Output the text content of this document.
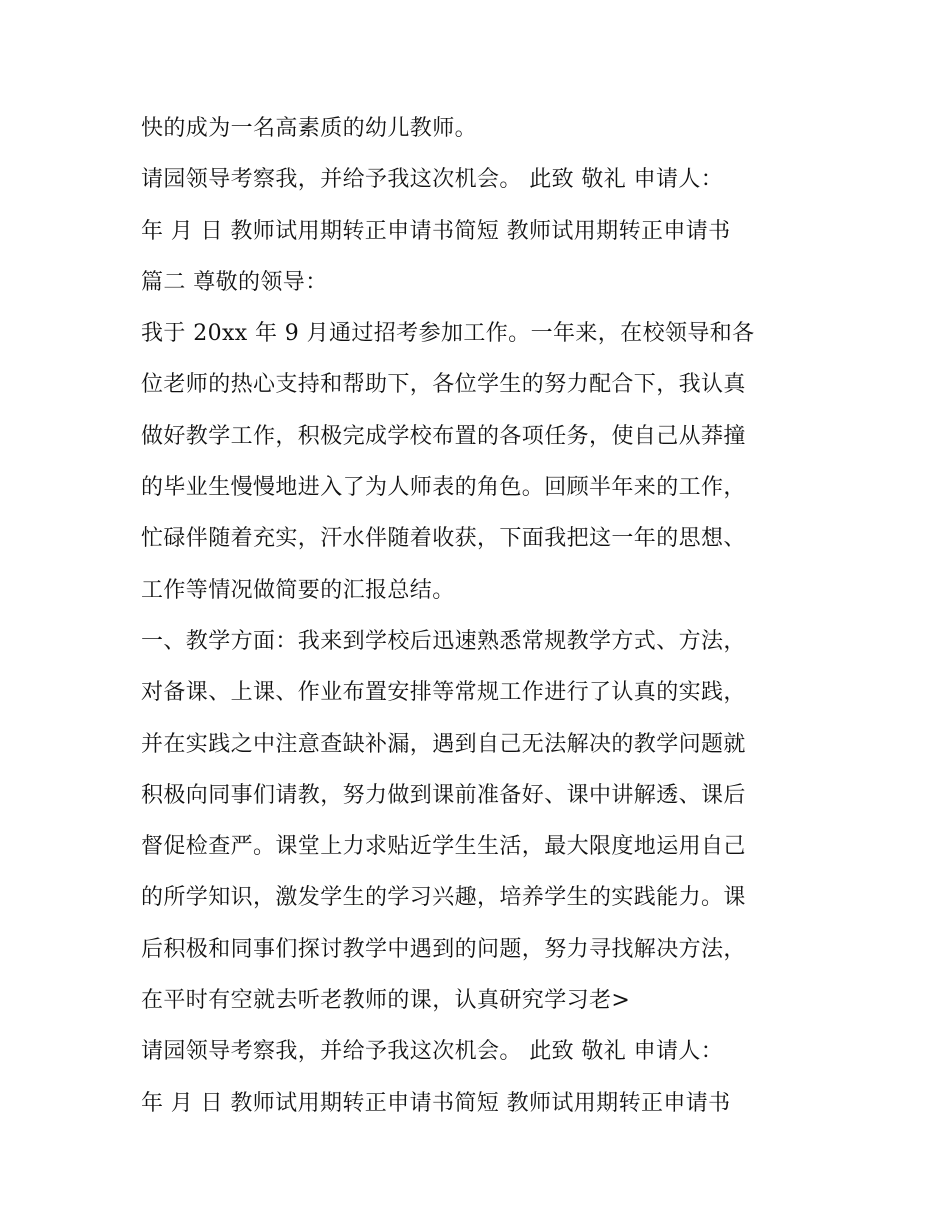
快的成为一名高素质的幼儿教师。
请园领导考察我，并给予我这次机会。 此致 敬礼 申请人：
年 月 日 教师试用期转正申请书简短 教师试用期转正申请书
篇二 尊敬的领导：
我于 20xx 年 9 月通过招考参加工作。一年来，在校领导和各
位老师的热心支持和帮助下，各位学生的努力配合下，我认真
做好教学工作，积极完成学校布置的各项任务，使自己从莽撞
的毕业生慢慢地进入了为人师表的角色。回顾半年来的工作，
忙碌伴随着充实，汗水伴随着收获，下面我把这一年的思想、
工作等情况做简要的汇报总结。
一、教学方面：我来到学校后迅速熟悉常规教学方式、方法，
对备课、上课、作业布置安排等常规工作进行了认真的实践，
并在实践之中注意查缺补漏，遇到自己无法解决的教学问题就
积极向同事们请教，努力做到课前准备好、课中讲解透、课后
督促检查严。课堂上力求贴近学生生活，最大限度地运用自己
的所学知识，激发学生的学习兴趣，培养学生的实践能力。课
后积极和同事们探讨教学中遇到的问题，努力寻找解决方法，
在平时有空就去听老教师的课，认真研究学习老>
请园领导考察我，并给予我这次机会。 此致 敬礼 申请人：
年 月 日 教师试用期转正申请书简短 教师试用期转正申请书
